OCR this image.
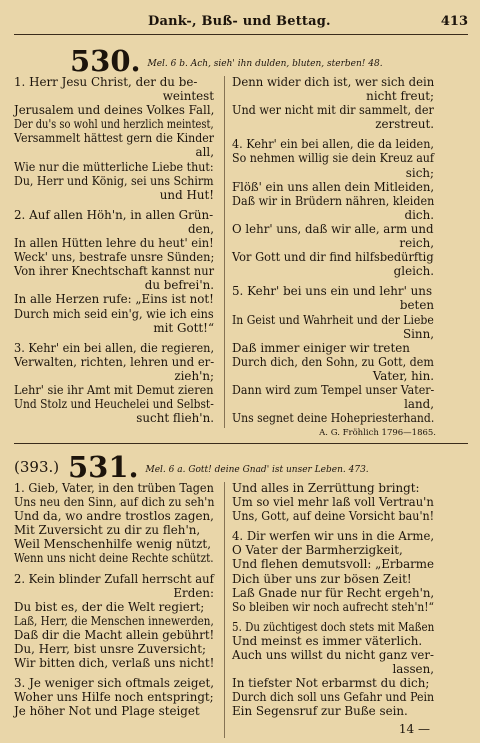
Dank-, Buß- und Bettag.	413
530. Mel. 6 b. Ach, sieh' ihn dulden, bluten, sterben! 48.
1. Herr Jesu Christ, der du be-
weintest
Jerusalem und deines Volkes Fall,
Der du's so wohl und herzlich meintest,
Versammelt hättest gern die Kinder
all,
Wie nur die mütterliche Liebe thut:
Du, Herr und König, sei uns Schirm
und Hut!
2. Auf allen Höh'n, in allen Grün-
den,
In allen Hütten lehre du heut' ein!
Weck' uns, bestrafe unsre Sünden;
Von ihrer Knechtschaft kannst nur
du befrei'n.
In alle Herzen rufe: „Eins ist not!
Durch mich seid ein'g, wie ich eins
mit Gott!“
3. Kehr' ein bei allen, die regieren,
Verwalten, richten, lehren und er-
zieh'n;
Lehr' sie ihr Amt mit Demut zieren
Und Stolz und Heuchelei und Selbst-
sucht flieh'n.
Denn wider dich ist, wer sich dein
nicht freut;
Und wer nicht mit dir sammelt, der
zerstreut.
4. Kehr' ein bei allen, die da leiden,
So nehmen willig sie dein Kreuz auf
sich;
Flöß' ein uns allen dein Mitleiden,
Daß wir in Brüdern nähren, kleiden
dich.
O lehr' uns, daß wir alle, arm und
reich,
Vor Gott und dir find hilfsbedürftig
gleich.
5. Kehr' bei uns ein und lehr' uns
beten
In Geist und Wahrheit und der Liebe
Sinn,
Daß immer einiger wir treten
Durch dich, den Sohn, zu Gott, dem
Vater, hin.
Dann wird zum Tempel unser Vater-
land,
Uns segnet deine Hohepriesterhand.
A. G. Fröhlich 1796—1865.
(393.) 531. Mel. 6 a. Gott! deine Gnad' ist unser Leben. 473.
1. Gieb, Vater, in den trüben Tagen
Uns neu den Sinn, auf dich zu seh'n
Und da, wo andre trostlos zagen,
Mit Zuversicht zu dir zu fleh'n,
Weil Menschenhilfe wenig nützt,
Wenn uns nicht deine Rechte schützt.
2. Kein blinder Zufall herrscht auf
Erden:
Du bist es, der die Welt regiert;
Laß, Herr, die Menschen innewerden,
Daß dir die Macht allein gebührt!
Du, Herr, bist unsre Zuversicht;
Wir bitten dich, verlaß uns nicht!
3. Je weniger sich oftmals zeiget,
Woher uns Hilfe noch entspringt;
Je höher Not und Plage steiget
Und alles in Zerrüttung bringt:
Um so viel mehr laß voll Vertrau'n
Uns, Gott, auf deine Vorsicht bau'n!
4. Dir werfen wir uns in die Arme,
O Vater der Barmherzigkeit,
Und flehen demutsvoll: „Erbarme
Dich über uns zur bösen Zeit!
Laß Gnade nur für Recht ergeh'n,
So bleiben wir noch aufrecht steh'n!“
5. Du züchtigest doch stets mit Maßen
Und meinst es immer väterlich.
Auch uns willst du nicht ganz ver-
lassen,
In tiefster Not erbarmst du dich;
Durch dich soll uns Gefahr und Pein
Ein Segensruf zur Buße sein.
14 —
